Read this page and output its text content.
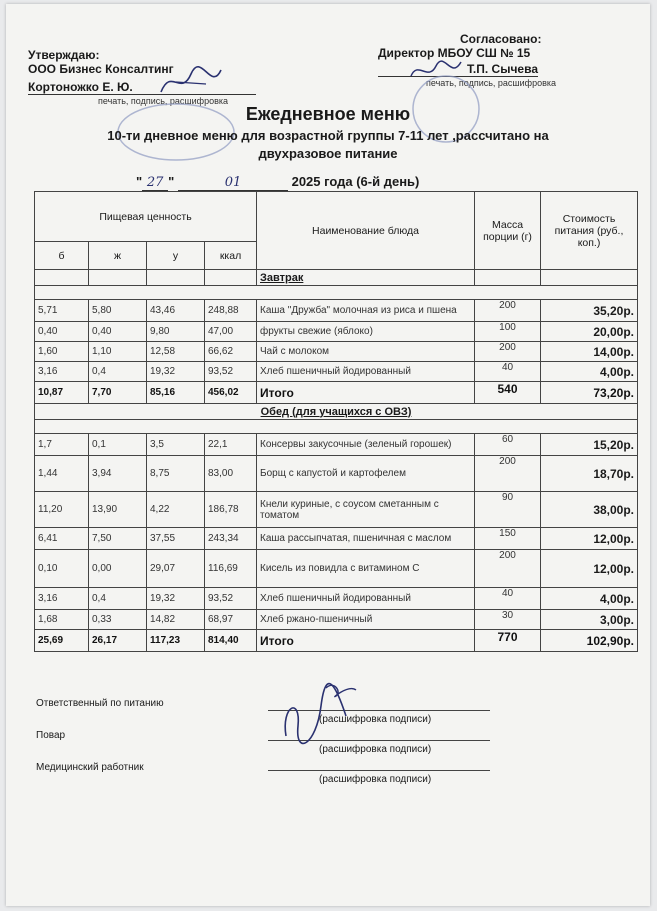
Утверждаю:
ООО Бизнес Консалтинг
Кортоножко Е. Ю.
печать, подпись, расшифровка
Согласовано:
Директор МБОУ СШ № 15
Т.П. Сычева
печать, подпись, расшифровка
Ежедневное меню
10-ти дневное меню для возрастной группы 7-11 лет ,рассчитано на
двухразовое питание
" 27 "	01	2025 года (6-й день)
Пищевая ценность				Наименование блюда	Масса порции (г)	Стоимость питания (руб., коп.)
б	ж	у	ккал			
				Завтрак		

5,71	5,80	43,46	248,88	Каша "Дружба" молочная из риса и пшена	200	35,20р.
0,40	0,40	9,80	47,00	фрукты свежие (яблоко)	100	20,00р.
1,60	1,10	12,58	66,62	Чай с молоком	200	14,00р.
3,16	0,4	19,32	93,52	Хлеб пшеничный йодированный	40	4,00р.
10,87	7,70	85,16	456,02	Итого	540	73,20р.
Обед (для учащихся с ОВЗ)						

1,7	0,1	3,5	22,1	Консервы закусочные (зеленый горошек)	60	15,20р.
1,44	3,94	8,75	83,00	Борщ с капустой и картофелем	200	18,70р.
11,20	13,90	4,22	186,78	Кнели куриные, с соусом сметанным с томатом	90	38,00р.
6,41	7,50	37,55	243,34	Каша рассыпчатая, пшеничная с маслом	150	12,00р.
0,10	0,00	29,07	116,69	Кисель из повидла с витамином С	200	12,00р.
3,16	0,4	19,32	93,52	Хлеб пшеничный йодированный	40	4,00р.
1,68	0,33	14,82	68,97	Хлеб ржано-пшеничный	30	3,00р.
25,69	26,17	117,23	814,40	Итого	770	102,90р.
Ответственный по питанию
(расшифровка подписи)
Повар
(расшифровка подписи)
Медицинский работник
(расшифровка подписи)
